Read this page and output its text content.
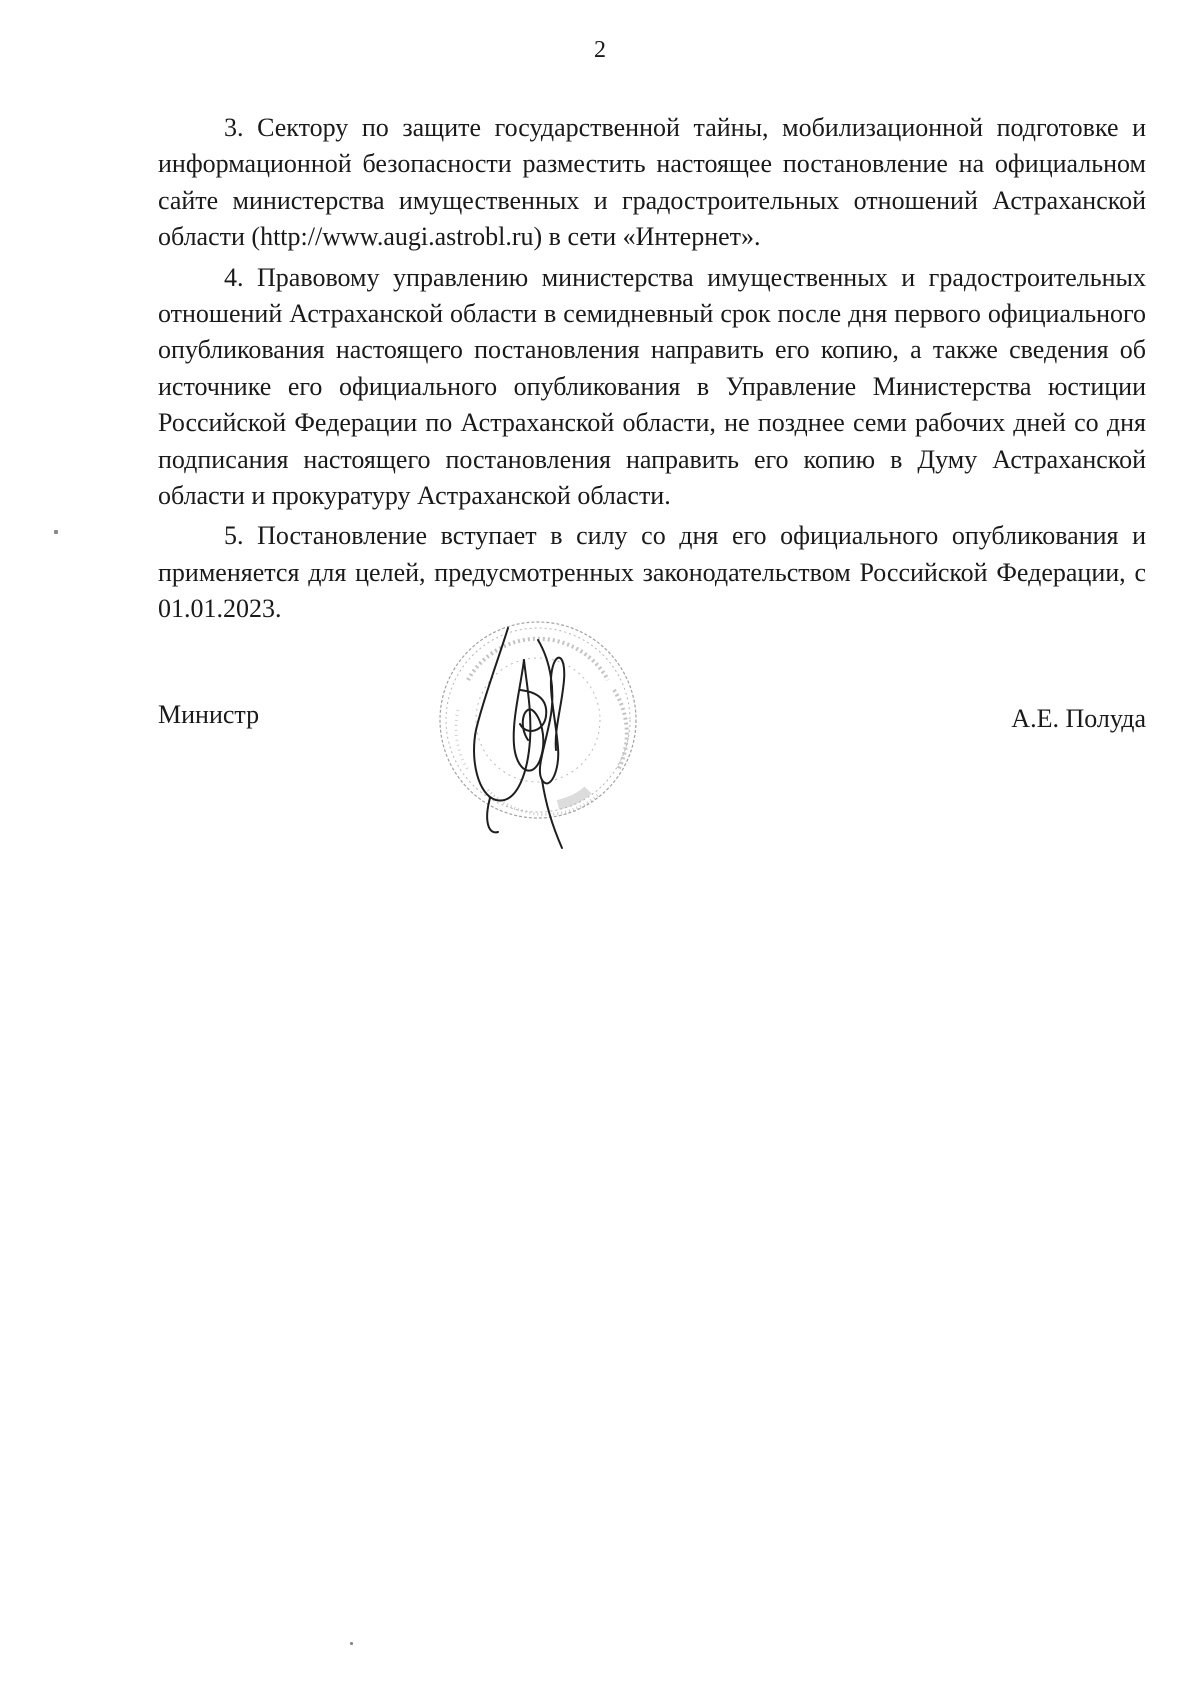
2

3. Сектору по защите государственной тайны, мобилизационной подготовке и информационной безопасности разместить настоящее постановление на официальном сайте министерства имущественных и градостроительных отношений Астраханской области (http://www.augi.astrobl.ru) в сети «Интернет».

4. Правовому управлению министерства имущественных и градостроительных отношений Астраханской области в семидневный срок после дня первого официального опубликования настоящего постановления направить его копию, а также сведения об источнике его официального опубликования в Управление Министерства юстиции Российской Федерации по Астраханской области, не позднее семи рабочих дней со дня подписания настоящего постановления направить его копию в Думу Астраханской области и прокуратуру Астраханской области.

5. Постановление вступает в силу со дня его официального опубликования и применяется для целей, предусмотренных законодательством Российской Федерации, с 01.01.2023.

Министр	А.Е. Полуда
